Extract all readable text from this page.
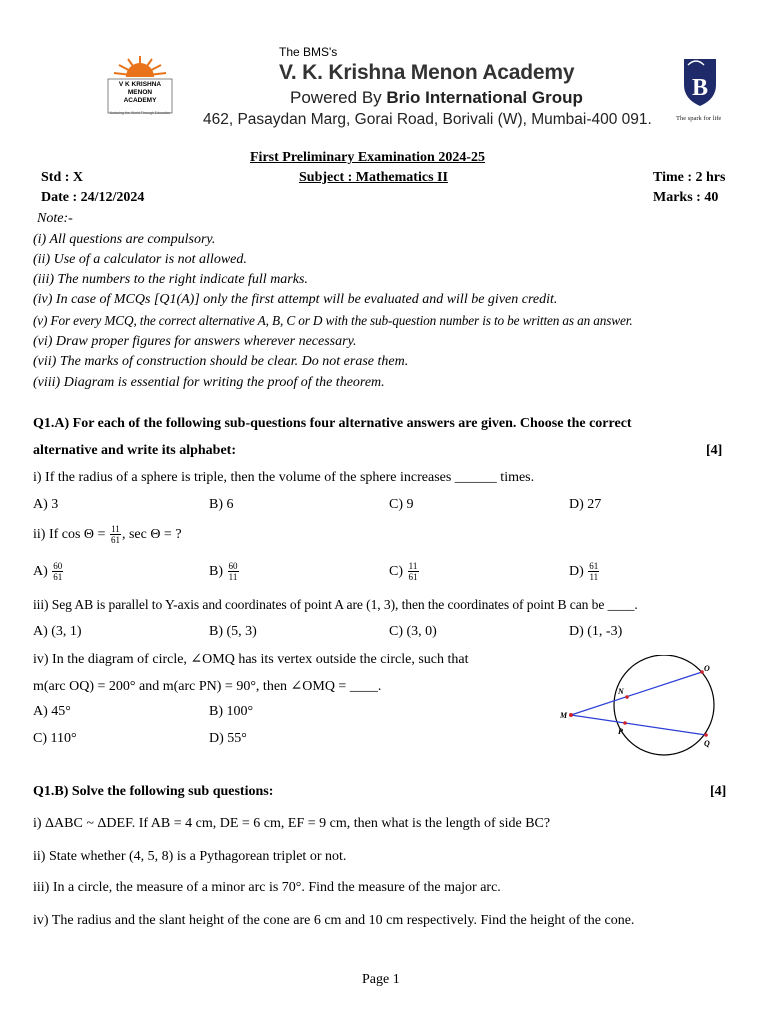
V K KRISHNA
MENON
ACADEMY
Nurturing the World Through Education
The BMS's
V. K. Krishna Menon Academy
Powered By Brio International Group
462, Pasaydan Marg, Gorai Road, Borivali (W), Mumbai-400 091.
B
The spark for life
First Preliminary Examination 2024-25
Std : X	Subject : Mathematics II	Time : 2 hrs
Date : 24/12/2024	Marks : 40
Note:-
(i) All questions are compulsory.
(ii) Use of a calculator is not allowed.
(iii) The numbers to the right indicate full marks.
(iv) In case of MCQs [Q1(A)] only the first attempt will be evaluated and will be given credit.
(v) For every MCQ, the correct alternative A, B, C or D with the sub-question number is to be written as an answer.
(vi) Draw proper figures for answers wherever necessary.
(vii) The marks of construction should be clear. Do not erase them.
(viii) Diagram is essential for writing the proof of the theorem.
Q1.A) For each of the following sub-questions four alternative answers are given. Choose the correct
alternative and write its alphabet:	[4]
i) If the radius of a sphere is triple, then the volume of the sphere increases ______ times.
A) 3	B) 6	C) 9	D) 27
ii) If $\cos \Theta = \frac{11}{61}$ , sec Θ = ?
$A) \frac{60}{61}$	$B) \frac{60}{11}$	$C) \frac{11}{61}$	$D) \frac{61}{11}$
iii) Seg AB is parallel to Y-axis and coordinates of point A are (1, 3), then the coordinates of point B can be ____.
A) (3, 1)	B) (5, 3)	C) (3, 0)	D) (1, -3)
iv) In the diagram of circle, ∠OMQ has its vertex outside the circle, such that
m(arc OQ) = 200° and m(arc PN) = 90°, then ∠OMQ = ____.
A) 45°	B) 100°
C) 110°	D) 55°
M
N
O
P
Q
Q1.B) Solve the following sub questions:	[4]
i) ΔABC ~ ΔDEF. If AB = 4 cm, DE = 6 cm, EF = 9 cm, then what is the length of side BC?
ii) State whether (4, 5, 8) is a Pythagorean triplet or not.
iii) In a circle, the measure of a minor arc is 70°. Find the measure of the major arc.
iv) The radius and the slant height of the cone are 6 cm and 10 cm respectively. Find the height of the cone.
Page 1
